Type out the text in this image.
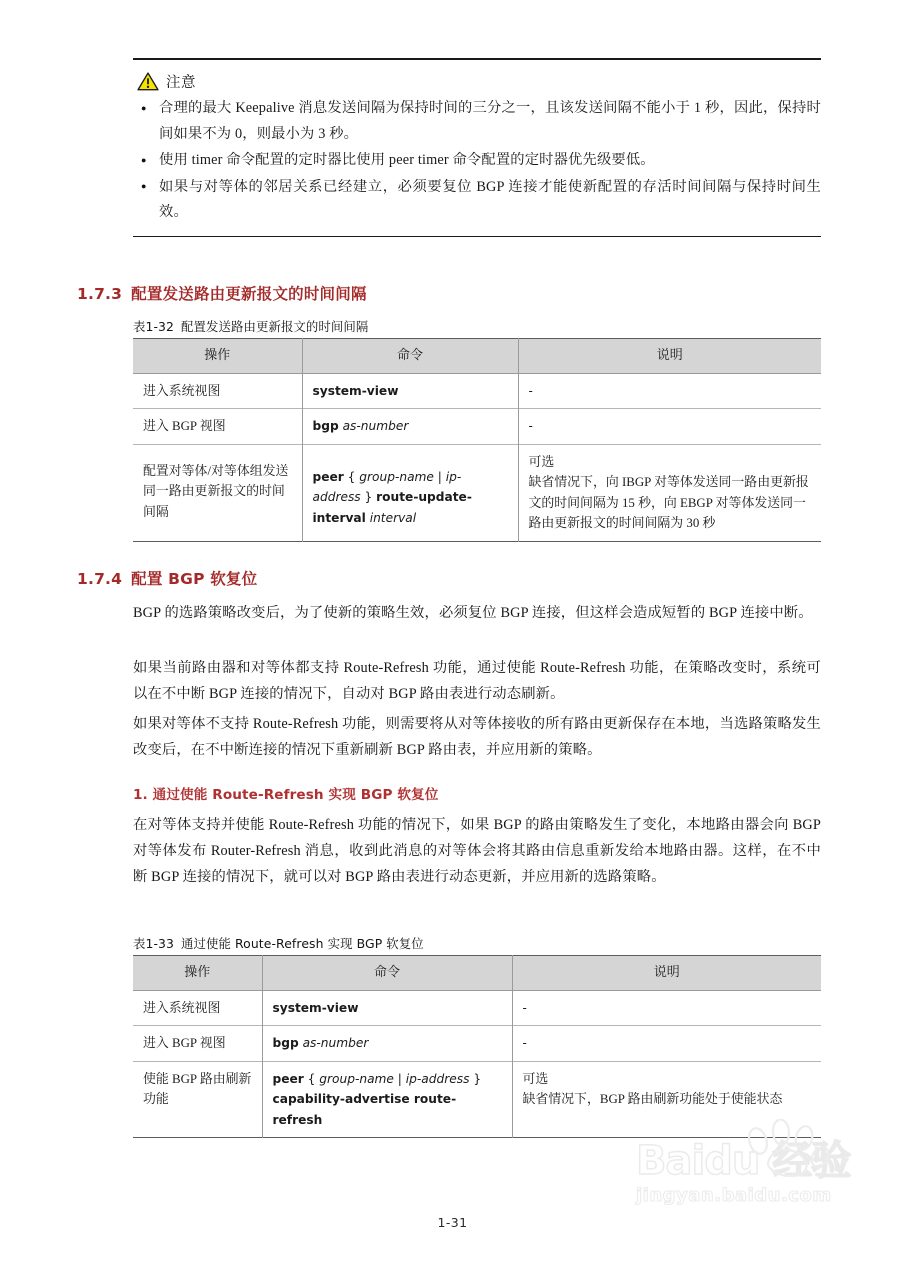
注意
● 合理的最大 Keepalive 消息发送间隔为保持时间的三分之一，且该发送间隔不能小于 1 秒，因此，保持时间如果不为 0，则最小为 3 秒。
● 使用 timer 命令配置的定时器比使用 peer timer 命令配置的定时器优先级要低。
● 如果与对等体的邻居关系已经建立，必须要复位 BGP 连接才能使新配置的存活时间间隔与保持时间生效。
1.7.3 配置发送路由更新报文的时间间隔
表1-32 配置发送路由更新报文的时间间隔
操作	命令	说明
进入系统视图	system-view	-
进入 BGP 视图	bgp as-number	-
配置对等体/对等体组发送同一路由更新报文的时间间隔	peer { group-name | ip-address } route-update-interval interval	可选
缺省情况下，向 IBGP 对等体发送同一路由更新报文的时间间隔为 15 秒，向 EBGP 对等体发送同一路由更新报文的时间间隔为 30 秒
1.7.4 配置 BGP 软复位
BGP 的选路策略改变后，为了使新的策略生效，必须复位 BGP 连接，但这样会造成短暂的 BGP 连接中断。
如果当前路由器和对等体都支持 Route-Refresh 功能，通过使能 Route-Refresh 功能，在策略改变时，系统可以在不中断 BGP 连接的情况下，自动对 BGP 路由表进行动态刷新。
如果对等体不支持 Route-Refresh 功能，则需要将从对等体接收的所有路由更新保存在本地，当选路策略发生改变后，在不中断连接的情况下重新刷新 BGP 路由表，并应用新的策略。
1. 通过使能 Route-Refresh 实现 BGP 软复位
在对等体支持并使能 Route-Refresh 功能的情况下，如果 BGP 的路由策略发生了变化，本地路由器会向 BGP 对等体发布 Router-Refresh 消息，收到此消息的对等体会将其路由信息重新发给本地路由器。这样，在不中断 BGP 连接的情况下，就可以对 BGP 路由表进行动态更新，并应用新的选路策略。
表1-33 通过使能 Route-Refresh 实现 BGP 软复位
操作	命令	说明
进入系统视图	system-view	-
进入 BGP 视图	bgp as-number	-
使能 BGP 路由刷新功能	peer { group-name | ip-address } capability-advertise route-refresh	可选
缺省情况下，BGP 路由刷新功能处于使能状态
Baidu 经验
jingyan.baidu.com
1-31
